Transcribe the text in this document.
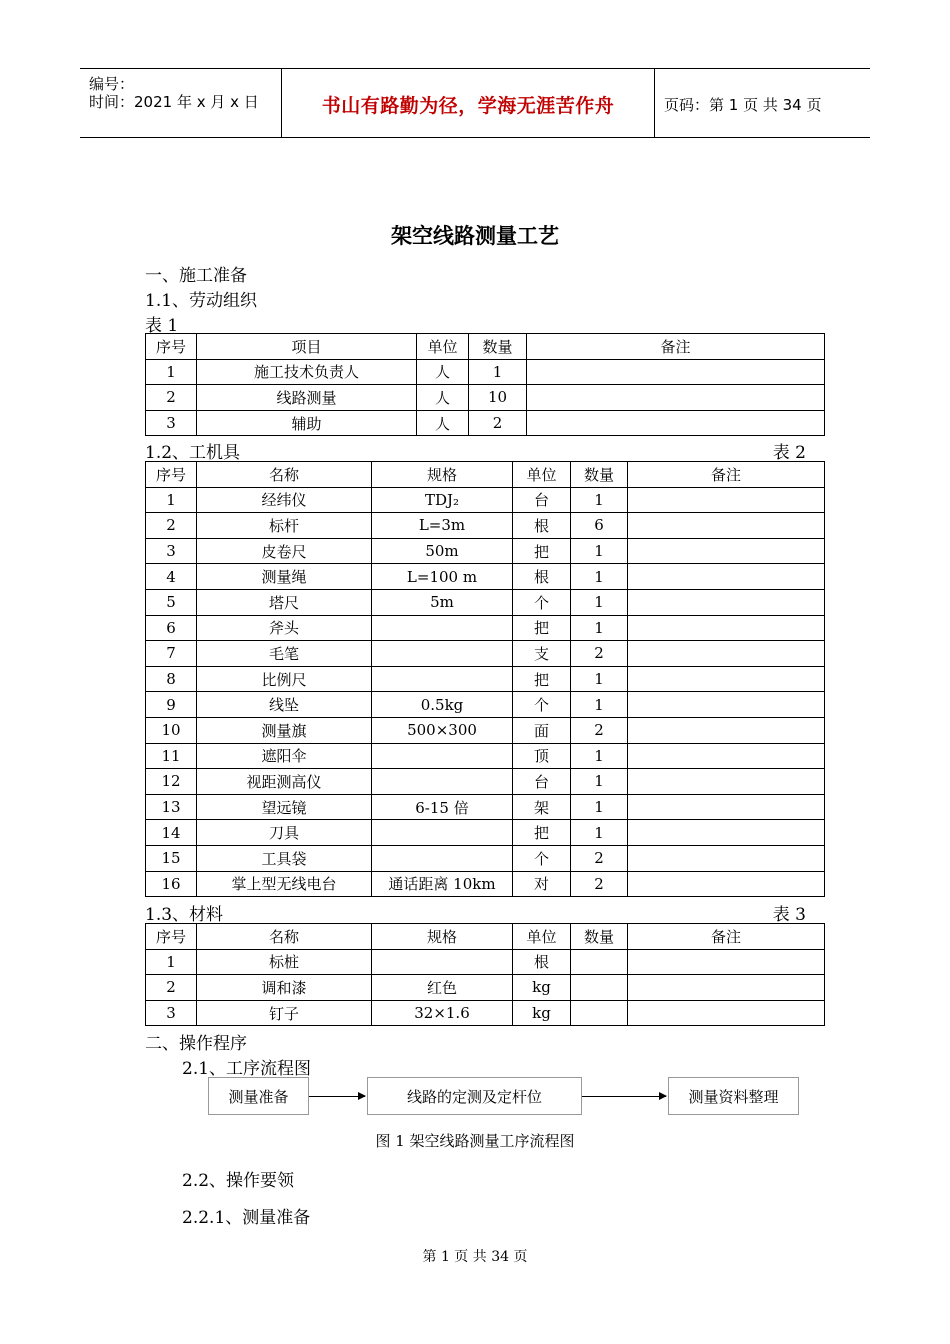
编号：
时间：2021 年 x 月 x 日	书山有路勤为径，学海无涯苦作舟	页码：第 1 页 共 34 页
架空线路测量工艺
一、施工准备
1.1、劳动组织
表 1
序号	项目	单位	数量	备注
1	施工技术负责人	人	1	
2	线路测量	人	10	
3	辅助	人	2	
1.2、工机具	表 2
序号	名称	规格	单位	数量	备注
1	经纬仪	TDJ₂	台	1	
2	标杆	L=3m	根	6	
3	皮卷尺	50m	把	1	
4	测量绳	L=100 m	根	1	
5	塔尺	5m	个	1	
6	斧头		把	1	
7	毛笔		支	2	
8	比例尺		把	1	
9	线坠	0.5kg	个	1	
10	测量旗	500×300	面	2	
11	遮阳伞		顶	1	
12	视距测高仪		台	1	
13	望远镜	6-15 倍	架	1	
14	刀具		把	1	
15	工具袋		个	2	
16	掌上型无线电台	通话距离 10km	对	2	
1.3、材料	表 3
序号	名称	规格	单位	数量	备注
1	标桩		根		
2	调和漆	红色	kg		
3	钉子	32×1.6	kg		
二、操作程序
2.1、工序流程图
测量准备	线路的定测及定杆位	测量资料整理
图 1 架空线路测量工序流程图
2.2、操作要领
2.2.1、测量准备
第 1 页 共 34 页
